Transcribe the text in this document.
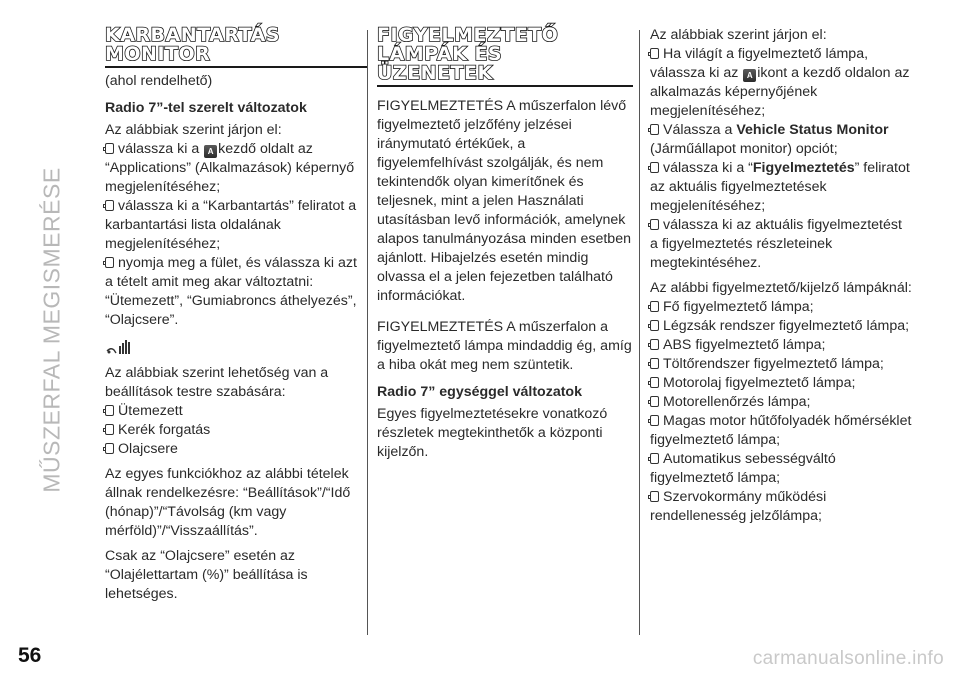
MŰSZERFAL MEGISMERÉSE
KARBANTARTÁS
MONITOR
(ahol rendelhető)
Radio 7”-tel szerelt változatok
Az alábbiak szerint járjon el:
válassza ki a A kezdő oldalt az “Applications” (Alkalmazások) képernyő megjelenítéséhez;
válassza ki a “Karbantartás” feliratot a karbantartási lista oldalának megjelenítéséhez;
nyomja meg a fület, és válassza ki azt a tételt amit meg akar változtatni: “Ütemezett”, “Gumiabroncs áthelyezés”, “Olajcsere”.
Az alábbiak szerint lehetőség van a beállítások testre szabására:
Ütemezett
Kerék forgatás
Olajcsere
Az egyes funkciókhoz az alábbi tételek állnak rendelkezésre: “Beállítások”/“Idő (hónap)”/“Távolság (km vagy mérföld)”/“Visszaállítás”.
Csak az “Olajcsere” esetén az “Olajélettartam (%)” beállítása is lehetséges.
FIGYELMEZTETŐ
LÁMPÁK ÉS
ÜZENETEK
FIGYELMEZTETÉS A műszerfalon lévő figyelmeztető jelzőfény jelzései iránymutató értékűek, a figyelemfelhívást szolgálják, és nem tekintendők olyan kimerítőnek és teljesnek, mint a jelen Használati utasításban levő információk, amelynek alapos tanulmányozása minden esetben ajánlott. Hibajelzés esetén mindig olvassa el a jelen fejezetben található információkat.
FIGYELMEZTETÉS A műszerfalon a figyelmeztető lámpa mindaddig ég, amíg a hiba okát meg nem szüntetik.
Radio 7” egységgel változatok
Egyes figyelmeztetésekre vonatkozó részletek megtekinthetők a központi kijelzőn.
Az alábbiak szerint járjon el:
Ha világít a figyelmeztető lámpa,
válassza ki az A ikont a kezdő oldalon az alkalmazás képernyőjének megjelenítéséhez;
Válassza a Vehicle Status Monitor (Járműállapot monitor) opciót;
válassza ki a “Figyelmeztetés” feliratot az aktuális figyelmeztetések megjelenítéséhez;
válassza ki az aktuális figyelmeztetést a figyelmeztetés részleteinek megtekintéséhez.
Az alábbi figyelmeztető/kijelző lámpáknál:
Fő figyelmeztető lámpa;
Légzsák rendszer figyelmeztető lámpa;
ABS figyelmeztető lámpa;
Töltőrendszer figyelmeztető lámpa;
Motorolaj figyelmeztető lámpa;
Motorellenőrzés lámpa;
Magas motor hűtőfolyadék hőmérséklet figyelmeztető lámpa;
Automatikus sebességváltó figyelmeztető lámpa;
Szervokormány működési rendellenesség jelzőlámpa;
56	carmanualsonline.info
